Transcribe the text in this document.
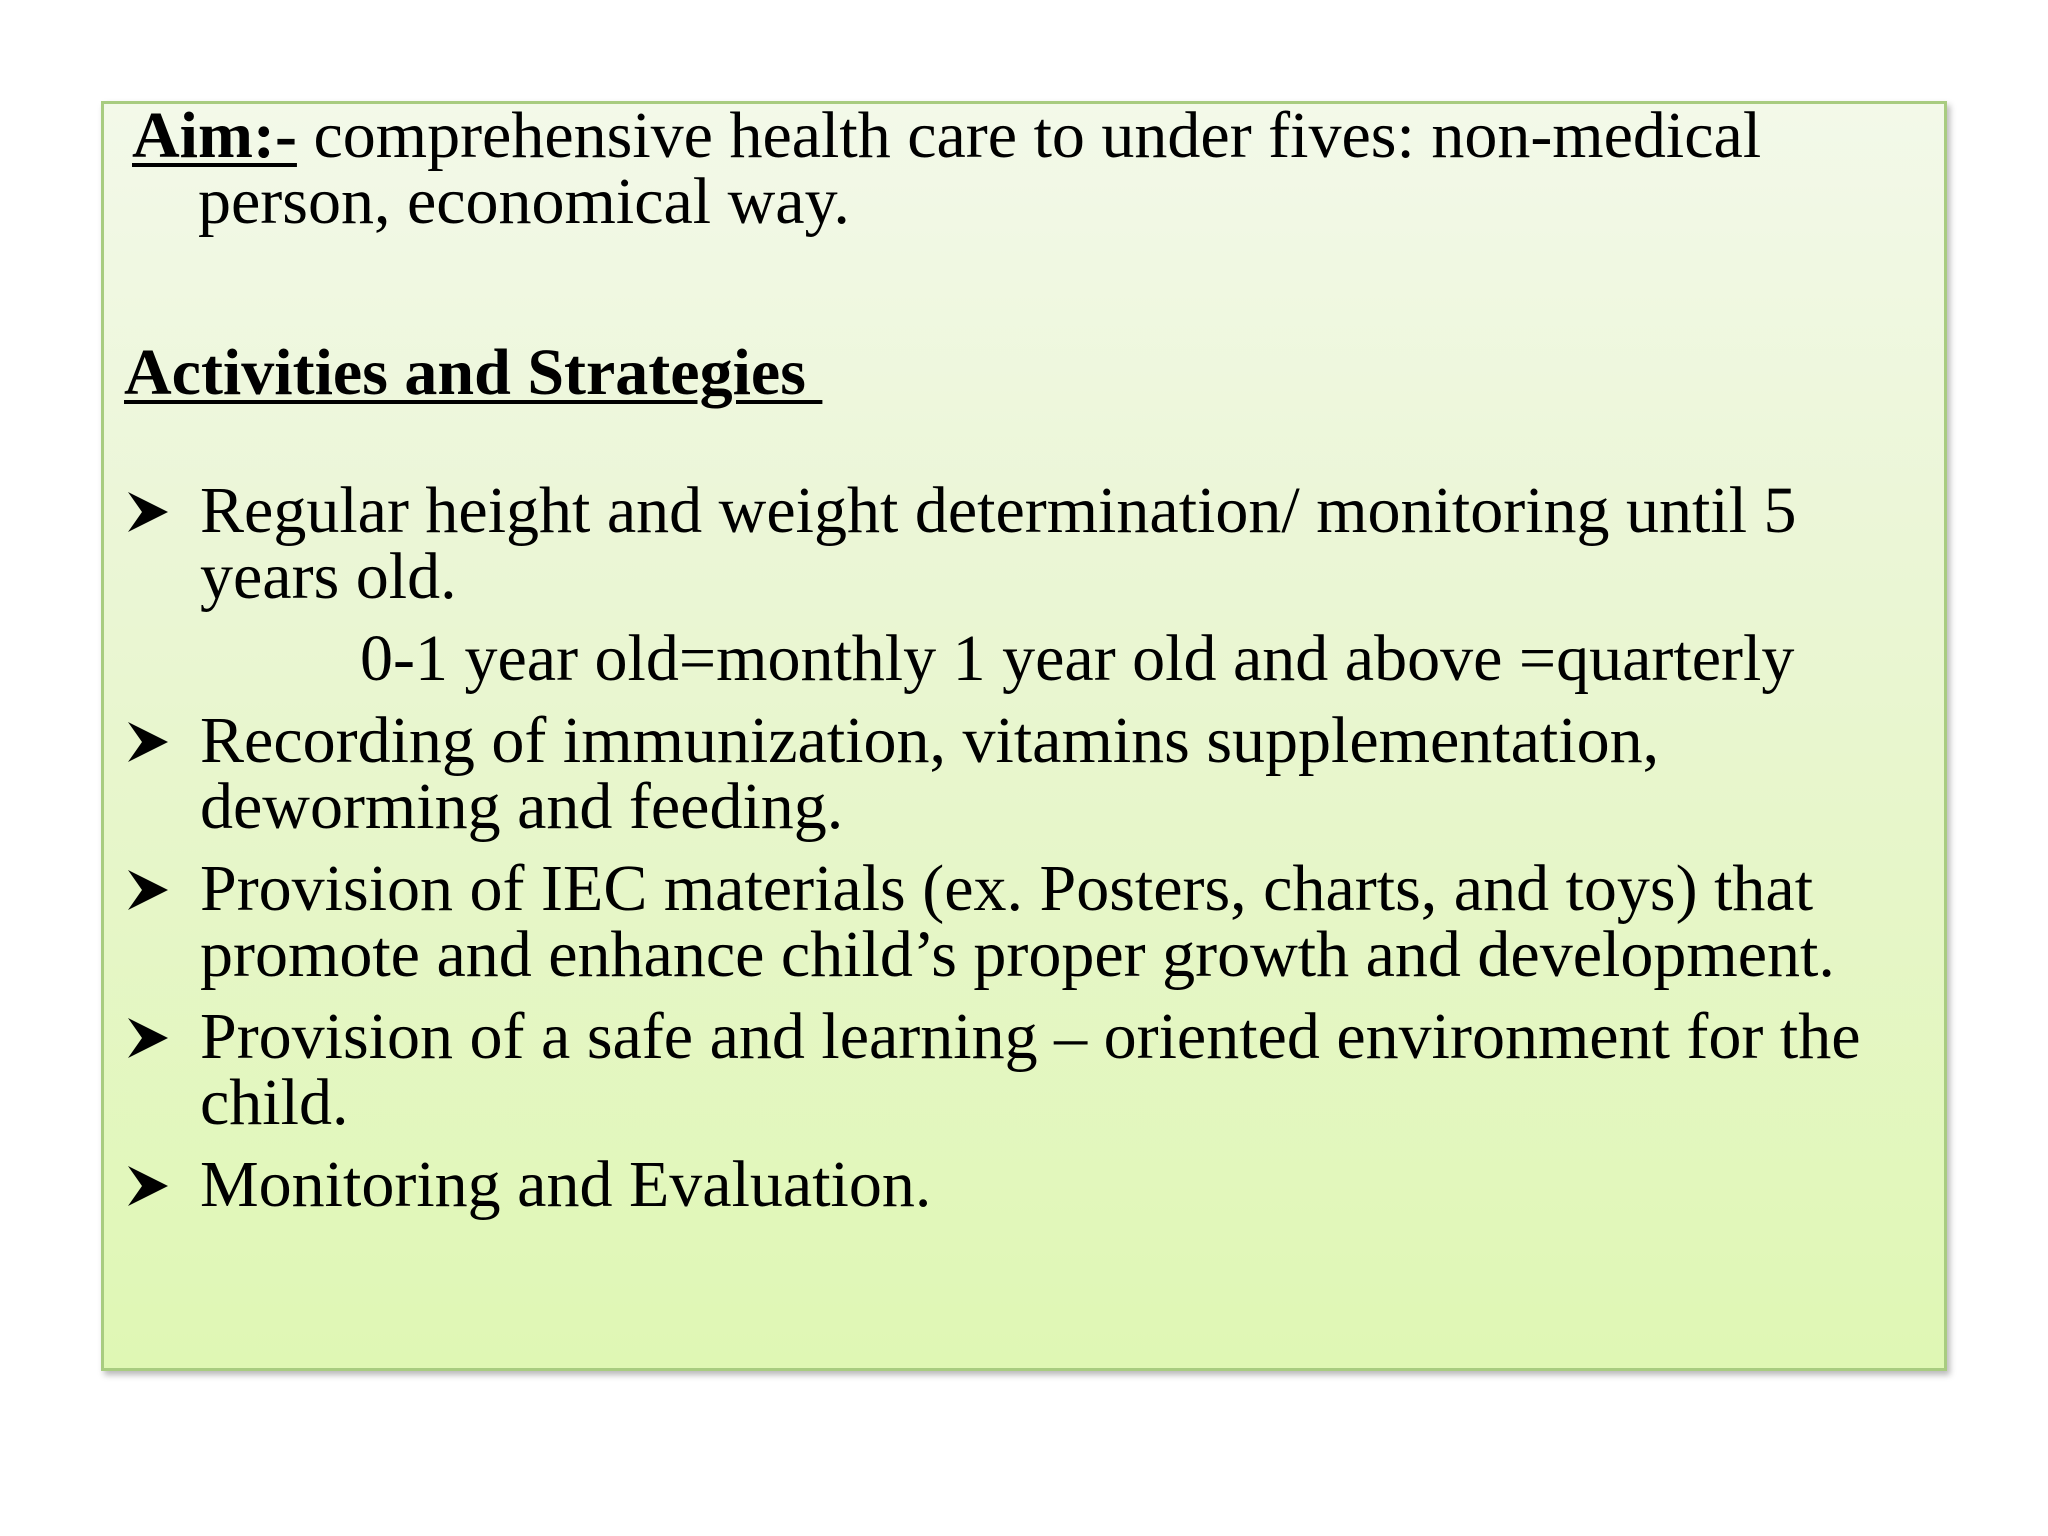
Aim:- comprehensive health care to under fives: non-medical person, economical way.
Activities and Strategies
Regular height and weight determination/ monitoring until 5 years old.
0-1 year old=monthly 1 year old and above =quarterly
Recording of immunization, vitamins supplementation, deworming and feeding.
Provision of IEC materials (ex. Posters, charts, and toys) that promote and enhance child’s proper growth and development.
Provision of a safe and learning – oriented environment for the child.
Monitoring and Evaluation.
